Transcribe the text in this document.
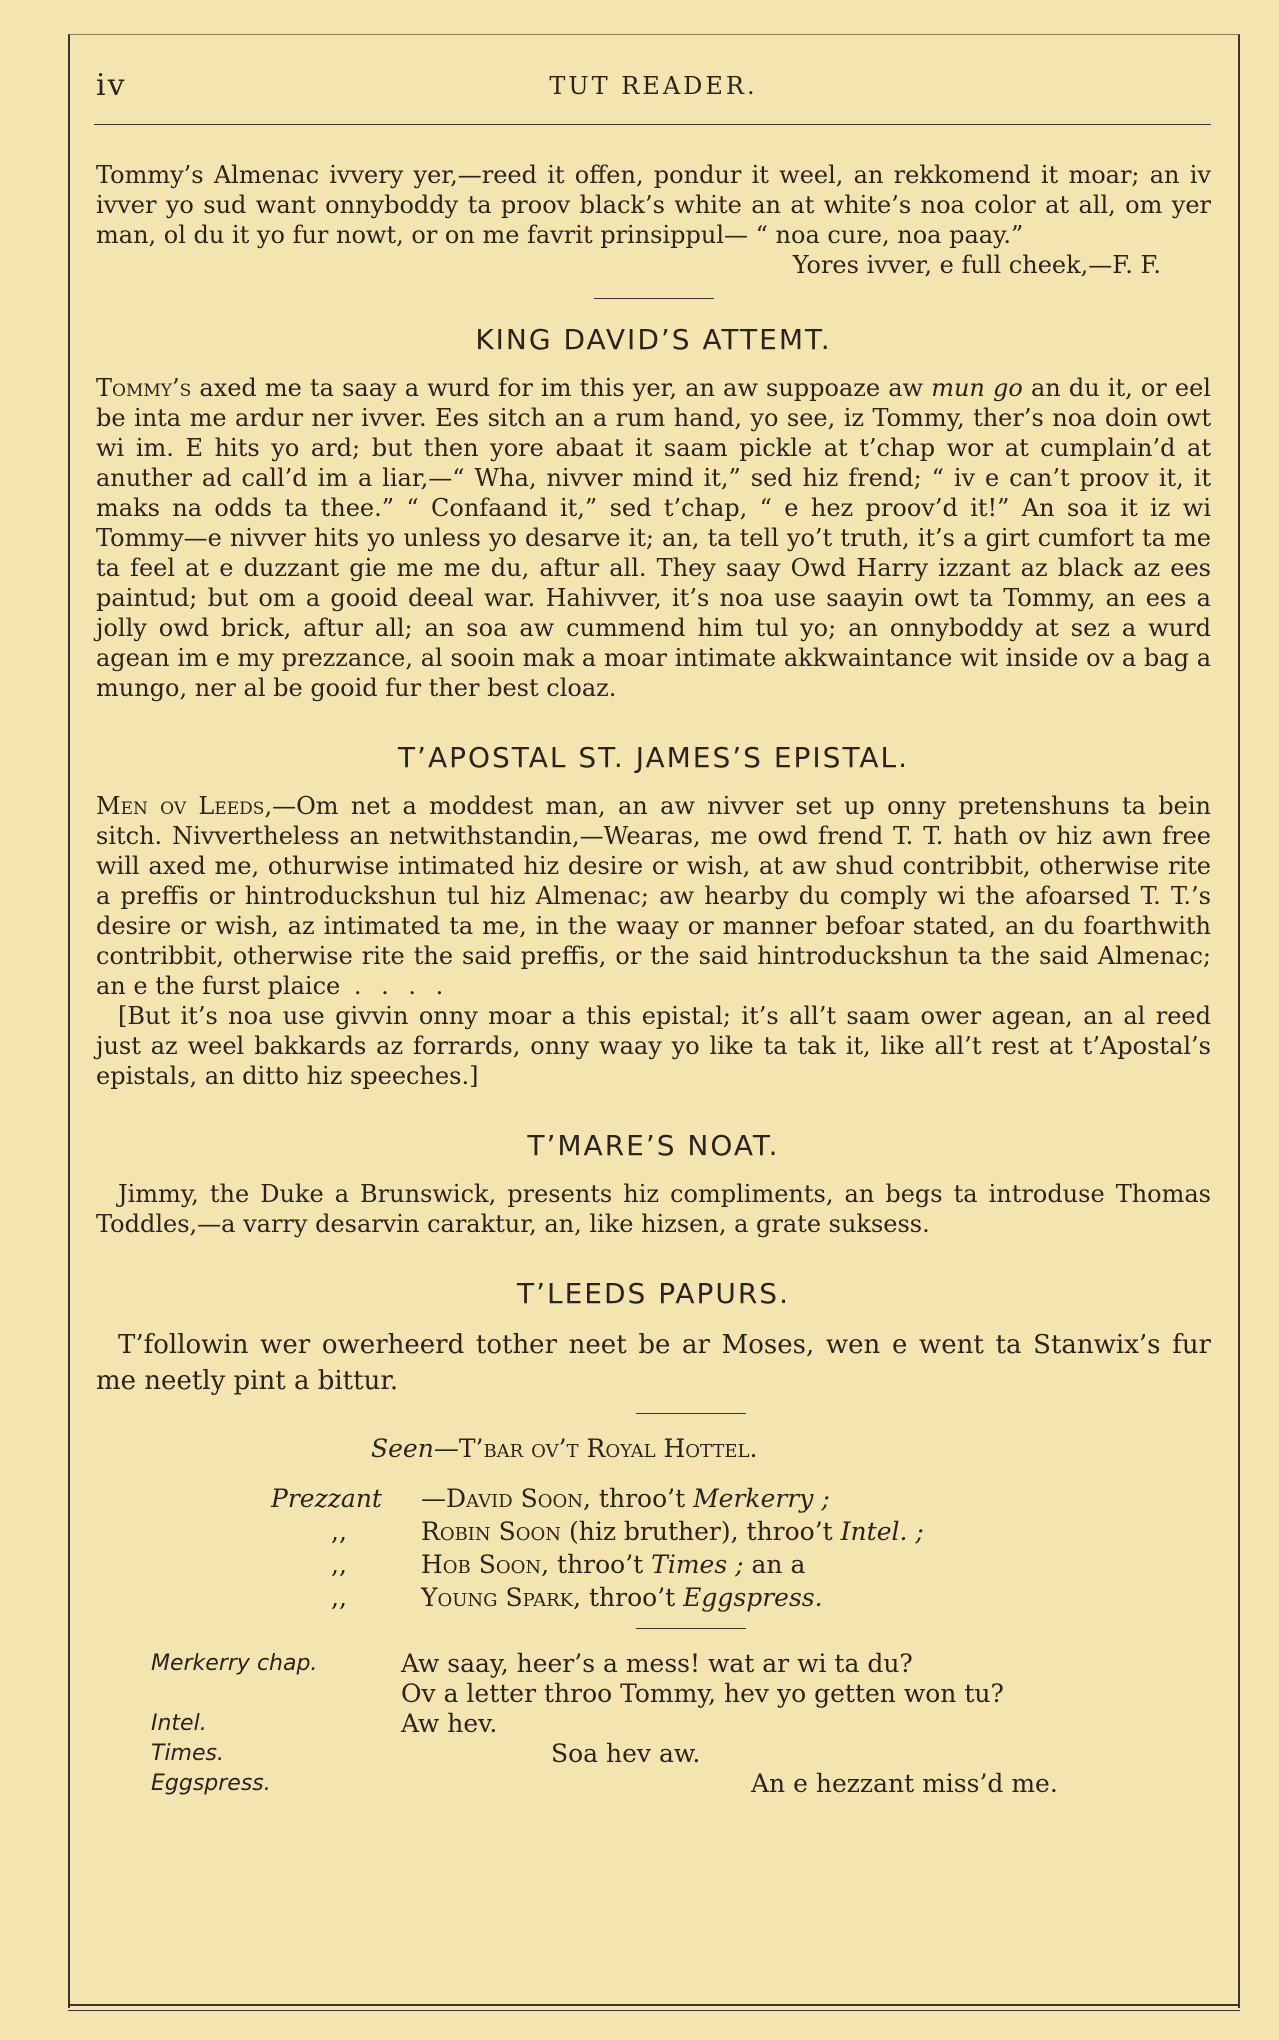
iv	TUT READER.

Tommy’s Almenac ivvery yer,—reed it offen, pondur it weel, an rekkomend it moar; an iv ivver yo sud want onnyboddy ta proov black’s white an at white’s noa color at all, om yer man, ol du it yo fur nowt, or on me favrit prinsippul— “ noa cure, noa paay.”

Yores ivver, e full cheek,—F. F.

KING DAVID’S ATTEMT.

Tommy’s axed me ta saay a wurd for im this yer, an aw suppoaze aw mun go an du it, or eel be inta me ardur ner ivver. Ees sitch an a rum hand, yo see, iz Tommy, ther’s noa doin owt wi im. E hits yo ard; but then yore abaat it saam pickle at t’chap wor at cumplain’d at anuther ad call’d im a liar,—“ Wha, nivver mind it,” sed hiz frend; “ iv e can’t proov it, it maks na odds ta thee.” “ Confaand it,” sed t’chap, “ e hez proov’d it!” An soa it iz wi Tommy—e nivver hits yo unless yo desarve it; an, ta tell yo’t truth, it’s a girt cumfort ta me ta feel at e duzzant gie me me du, aftur all. They saay Owd Harry izzant az black az ees paintud; but om a gooid deeal war. Hahivver, it’s noa use saayin owt ta Tommy, an ees a jolly owd brick, aftur all; an soa aw cummend him tul yo; an onnyboddy at sez a wurd agean im e my prezzance, al sooin mak a moar intimate akkwaintance wit inside ov a bag a mungo, ner al be gooid fur ther best cloaz.

T’APOSTAL ST. JAMES’S EPISTAL.

Men ov Leeds,—Om net a moddest man, an aw nivver set up onny pretenshuns ta bein sitch. Nivvertheless an netwithstandin,—Wearas, me owd frend T. T. hath ov hiz awn free will axed me, othurwise intimated hiz desire or wish, at aw shud contribbit, otherwise rite a preffis or hintroduckshun tul hiz Almenac; aw hearby du comply wi the afoarsed T. T.’s desire or wish, az intimated ta me, in the waay or manner befoar stated, an du foarthwith contribbit, otherwise rite the said preffis, or the said hintroduckshun ta the said Almenac; an e the furst plaice . . . .

[But it’s noa use givvin onny moar a this epistal; it’s all’t saam ower agean, an al reed just az weel bakkards az forrards, onny waay yo like ta tak it, like all’t rest at t’Apostal’s epistals, an ditto hiz speeches.]

T’MARE’S NOAT.

Jimmy, the Duke a Brunswick, presents hiz compliments, an begs ta introduse Thomas Toddles,—a varry desarvin caraktur, an, like hizsen, a grate suksess.

T’LEEDS PAPURS.

T’followin wer owerheerd tother neet be ar Moses, wen e went ta Stanwix’s fur me neetly pint a bittur.

Seen—T’bar ov’t Royal Hottel.
Prezzant	—David Soon, throo’t Merkerry ;
,,	Robin Soon (hiz bruther), throo’t Intel. ;
,,	Hob Soon, throo’t Times ; an a
,,	Young Spark, throo’t Eggspress.
Merkerry chap.	Aw saay, heer’s a mess! wat ar wi ta du?
Ov a letter throo Tommy, hev yo getten won tu?
Intel.	Aw hev.
Times.	Soa hev aw.
Eggspress.	An e hezzant miss’d me.
